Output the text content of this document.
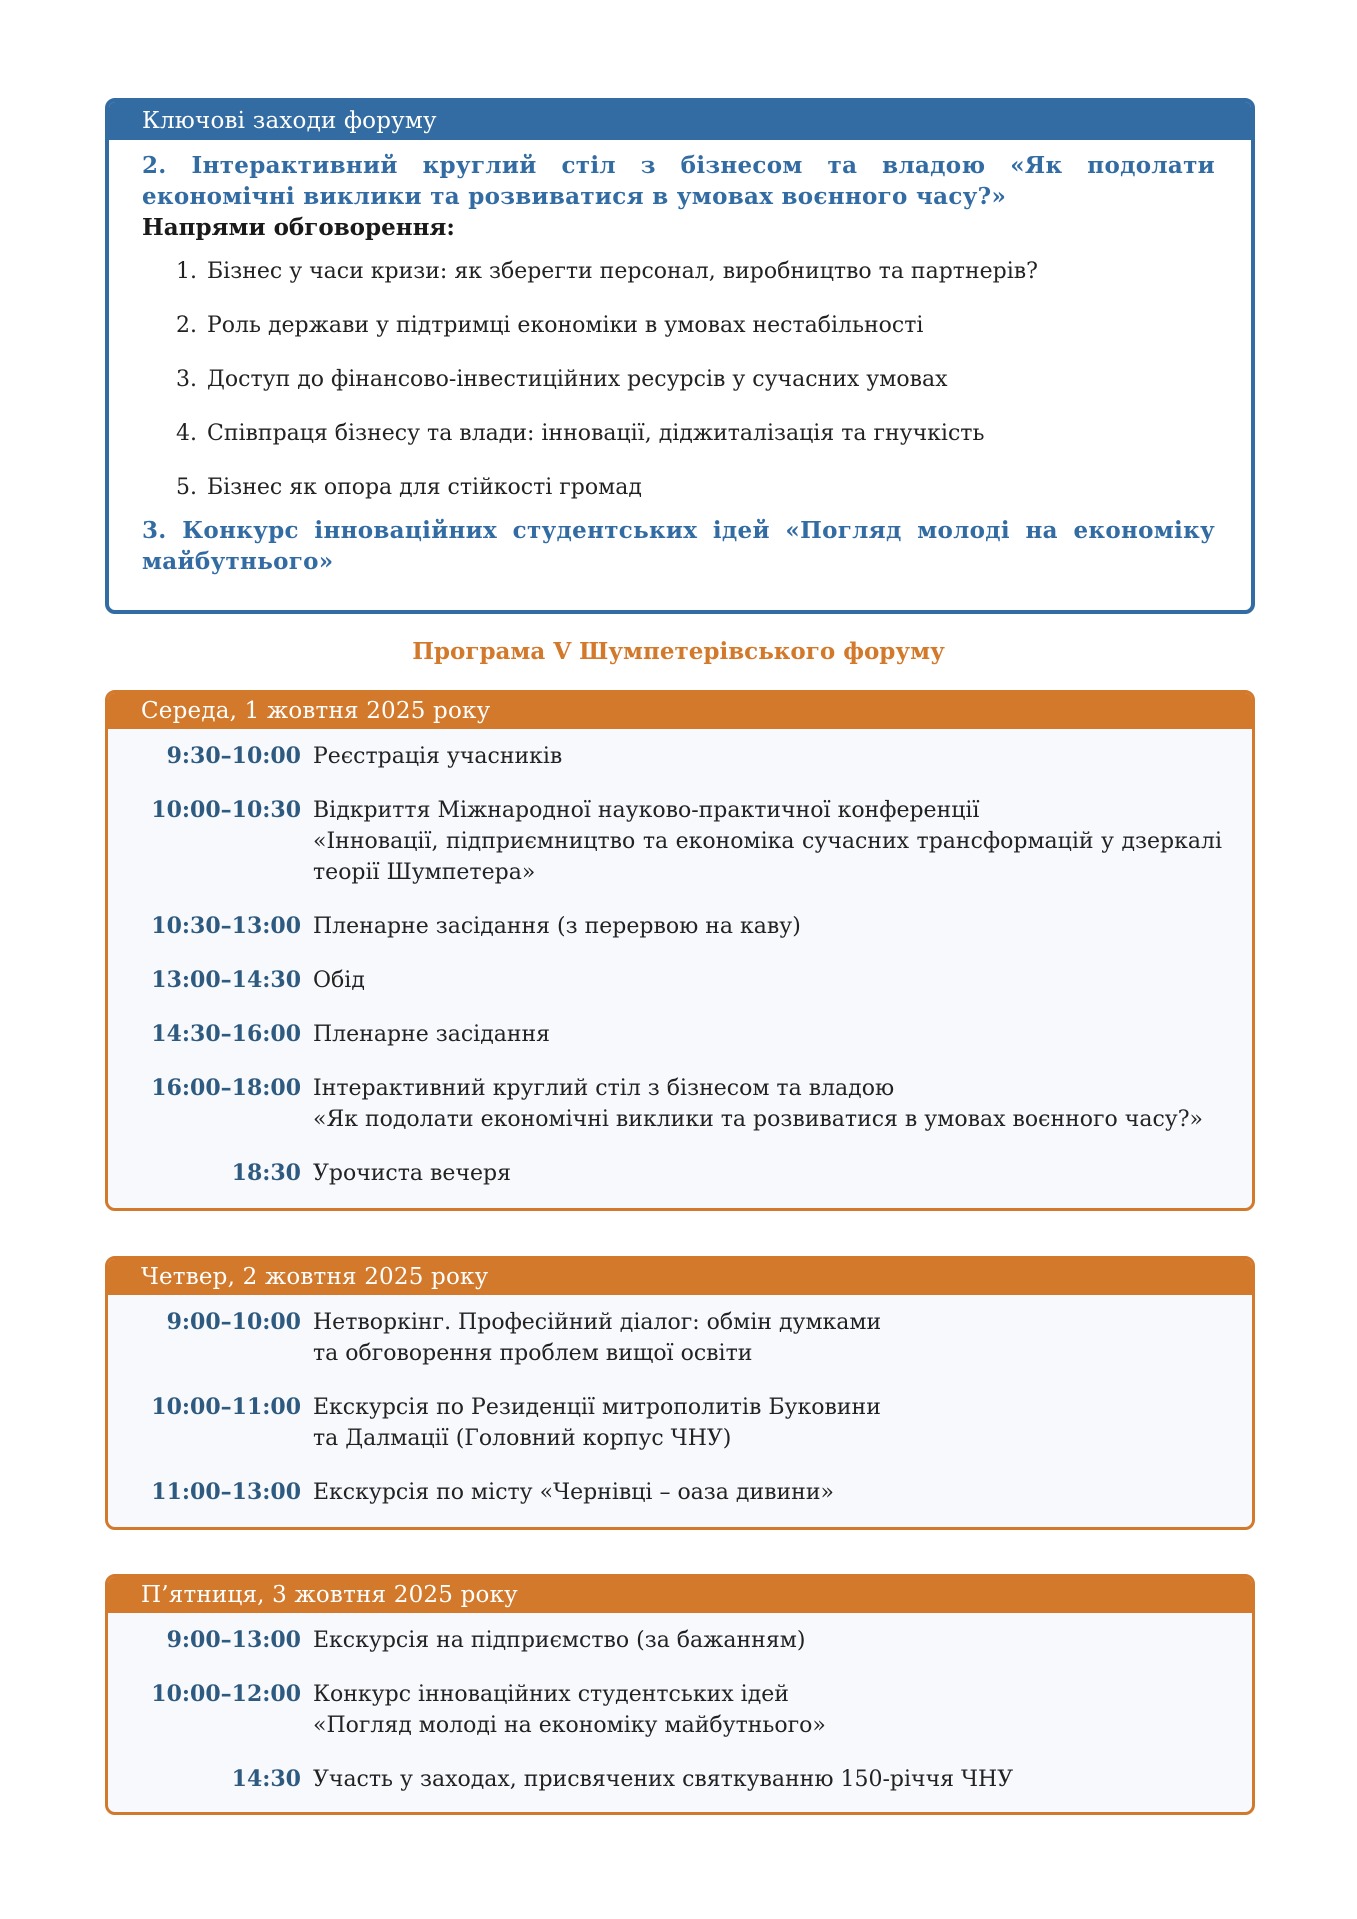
Ключові заходи форуму
2. Інтерактивний круглий стіл з бізнесом та владою «Як подолати економічні виклики та розвиватися в умовах воєнного часу?»
Напрями обговорення:
1. Бізнес у часи кризи: як зберегти персонал, виробництво та партнерів?
2. Роль держави у підтримці економіки в умовах нестабільності
3. Доступ до фінансово-інвестиційних ресурсів у сучасних умовах
4. Співпраця бізнесу та влади: інновації, діджиталізація та гнучкість
5. Бізнес як опора для стійкості громад
3. Конкурс інноваційних студентських ідей «Погляд молоді на економіку майбутнього»
Програма V Шумпетерівського форуму
Середа, 1 жовтня 2025 року
9:30–10:00 Реєстрація учасників
10:00–10:30 Відкриття Міжнародної науково-практичної конференції
«Інновації, підприємництво та економіка сучасних трансформацій у дзеркалі теорії Шумпетера»
10:30–13:00 Пленарне засідання (з перервою на каву)
13:00–14:30 Обід
14:30–16:00 Пленарне засідання
16:00–18:00 Інтерактивний круглий стіл з бізнесом та владою
«Як подолати економічні виклики та розвиватися в умовах воєнного часу?»
18:30 Урочиста вечеря
Четвер, 2 жовтня 2025 року
9:00–10:00 Нетворкінг. Професійний діалог: обмін думками
та обговорення проблем вищої освіти
10:00–11:00 Екскурсія по Резиденції митрополитів Буковини
та Далмації (Головний корпус ЧНУ)
11:00–13:00 Екскурсія по місту «Чернівці – оаза дивини»
П’ятниця, 3 жовтня 2025 року
9:00–13:00 Екскурсія на підприємство (за бажанням)
10:00–12:00 Конкурс інноваційних студентських ідей
«Погляд молоді на економіку майбутнього»
14:30 Участь у заходах, присвячених святкуванню 150-річчя ЧНУ
